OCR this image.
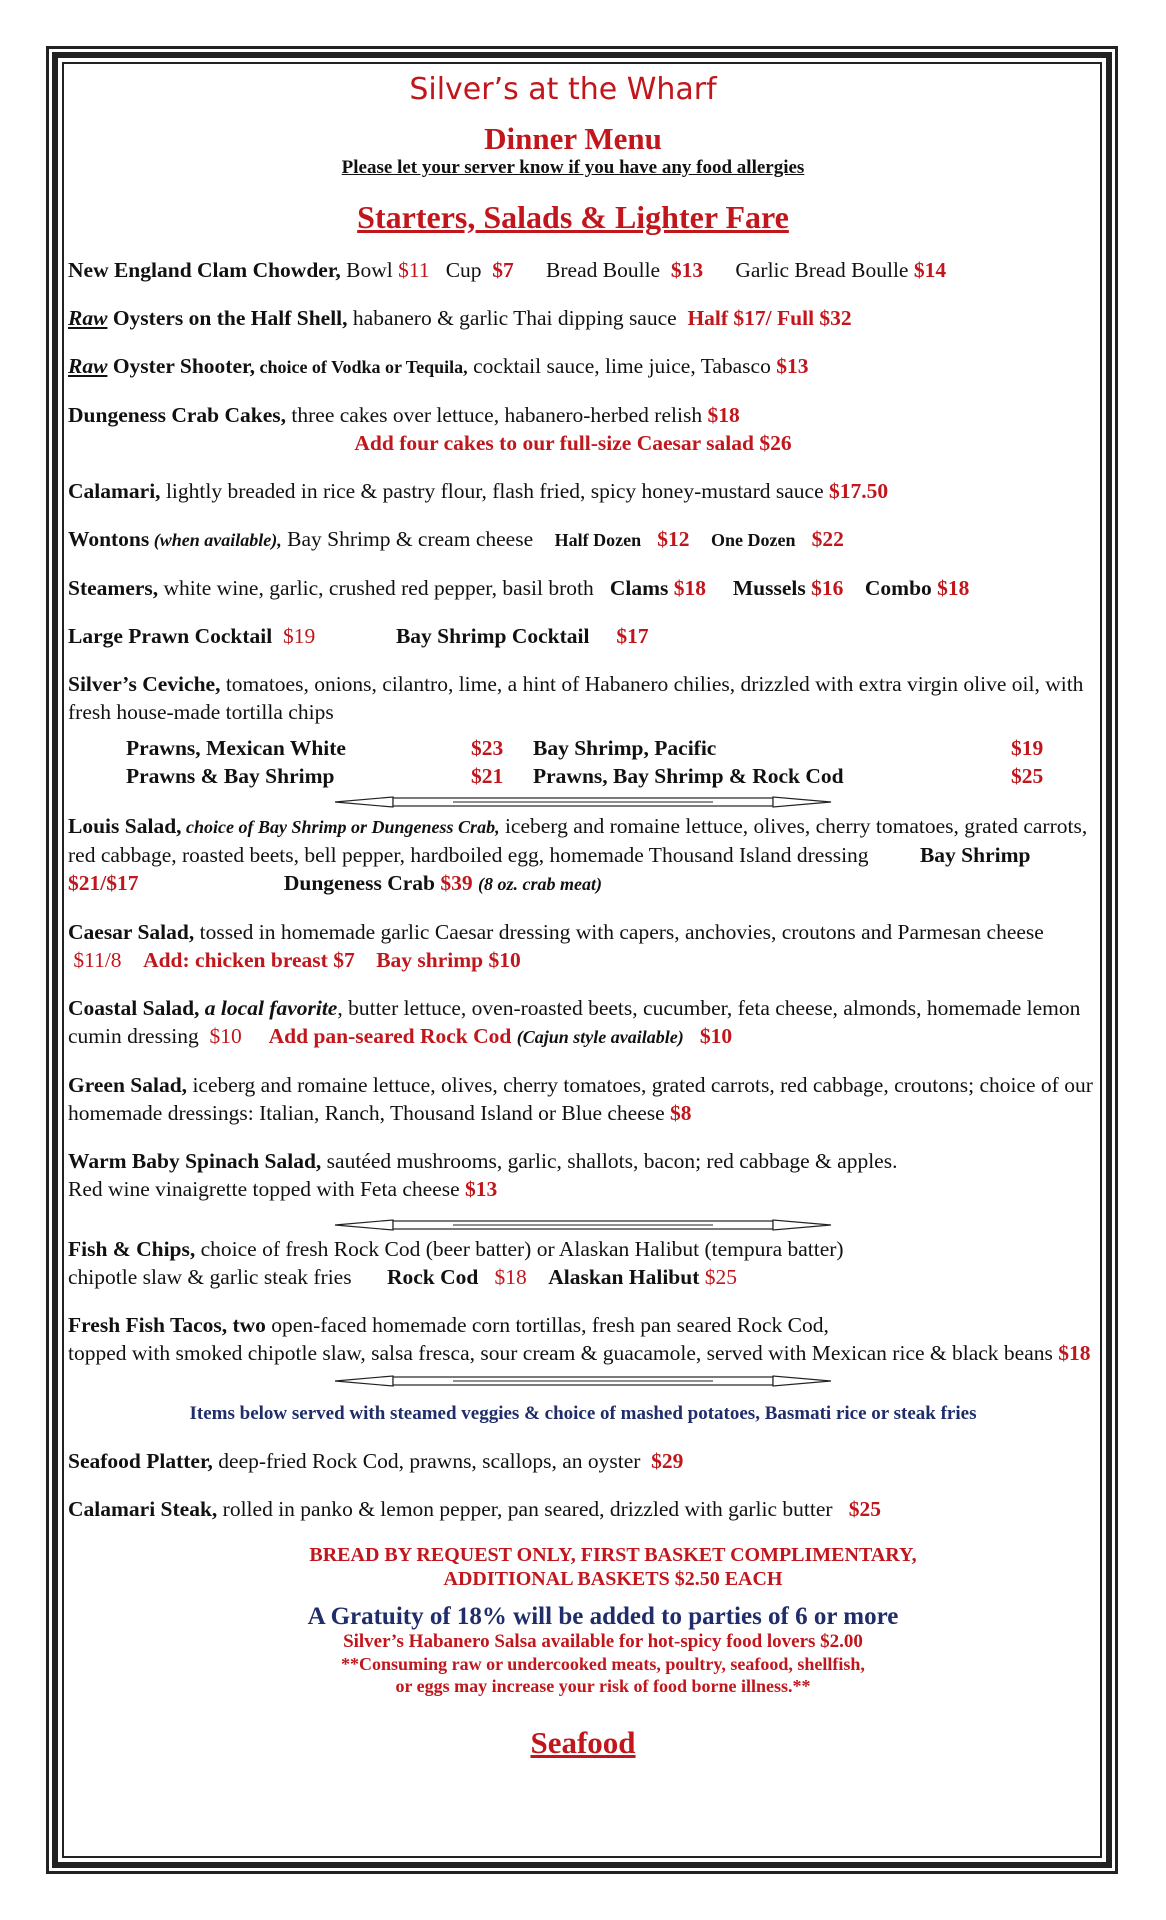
Silver’s at the Wharf
Dinner Menu
Please let your server know if you have any food allergies
Starters, Salads & Lighter Fare
New England Clam Chowder, Bowl $11 Cup $7 Bread Boulle $13 Garlic Bread Boulle $14
Raw Oysters on the Half Shell, habanero & garlic Thai dipping sauce  Half $17/ Full $32
Raw Oyster Shooter, choice of Vodka or Tequila, cocktail sauce, lime juice, Tabasco $13
Dungeness Crab Cakes, three cakes over lettuce, habanero-herbed relish $18
Add four cakes to our full-size Caesar salad $26
Calamari, lightly breaded in rice & pastry flour, flash fried, spicy honey-mustard sauce $17.50
Wontons (when available), Bay Shrimp & cream cheese Half Dozen $12 One Dozen $22
Steamers, white wine, garlic, crushed red pepper, basil broth Clams $18 Mussels $16 Combo $18
Large Prawn Cocktail $19	Bay Shrimp Cocktail $17
Silver’s Ceviche, tomatoes, onions, cilantro, lime, a hint of Habanero chilies, drizzled with extra virgin olive oil, with fresh house-made tortilla chips
Prawns, Mexican White	$23	Bay Shrimp, Pacific	$19
Prawns & Bay Shrimp	$21	Prawns, Bay Shrimp & Rock Cod	$25
Louis Salad, choice of Bay Shrimp or Dungeness Crab, iceberg and romaine lettuce, olives, cherry tomatoes, grated carrots, red cabbage, roasted beets, bell pepper, hardboiled egg, homemade Thousand Island dressing Bay Shrimp $21/$17	Dungeness Crab $39 (8 oz. crab meat)
Caesar Salad, tossed in homemade garlic Caesar dressing with capers, anchovies, croutons and Parmesan cheese  $11/8 Add: chicken breast $7 Bay shrimp $10
Coastal Salad, a local favorite, butter lettuce, oven-roasted beets, cucumber, feta cheese, almonds, homemade lemon cumin dressing  $10 Add pan-seared Rock Cod (Cajun style available) $10
Green Salad, iceberg and romaine lettuce, olives, cherry tomatoes, grated carrots, red cabbage, croutons; choice of our homemade dressings: Italian, Ranch, Thousand Island or Blue cheese $8
Warm Baby Spinach Salad, sautéed mushrooms, garlic, shallots, bacon; red cabbage & apples.
Red wine vinaigrette topped with Feta cheese $13
Fish & Chips, choice of fresh Rock Cod (beer batter) or Alaskan Halibut (tempura batter)
chipotle slaw & garlic steak fries Rock Cod $18 Alaskan Halibut $25
Fresh Fish Tacos, two open-faced homemade corn tortillas, fresh pan seared Rock Cod,
topped with smoked chipotle slaw, salsa fresca, sour cream & guacamole, served with Mexican rice & black beans $18
Items below served with steamed veggies & choice of mashed potatoes, Basmati rice or steak fries
Seafood Platter, deep-fried Rock Cod, prawns, scallops, an oyster  $29
Calamari Steak, rolled in panko & lemon pepper, pan seared, drizzled with garlic butter   $25
BREAD BY REQUEST ONLY, FIRST BASKET COMPLIMENTARY,
ADDITIONAL BASKETS $2.50 EACH
A Gratuity of 18% will be added to parties of 6 or more
Silver’s Habanero Salsa available for hot-spicy food lovers $2.00
**Consuming raw or undercooked meats, poultry, seafood, shellfish,
or eggs may increase your risk of food borne illness.**
Seafood
